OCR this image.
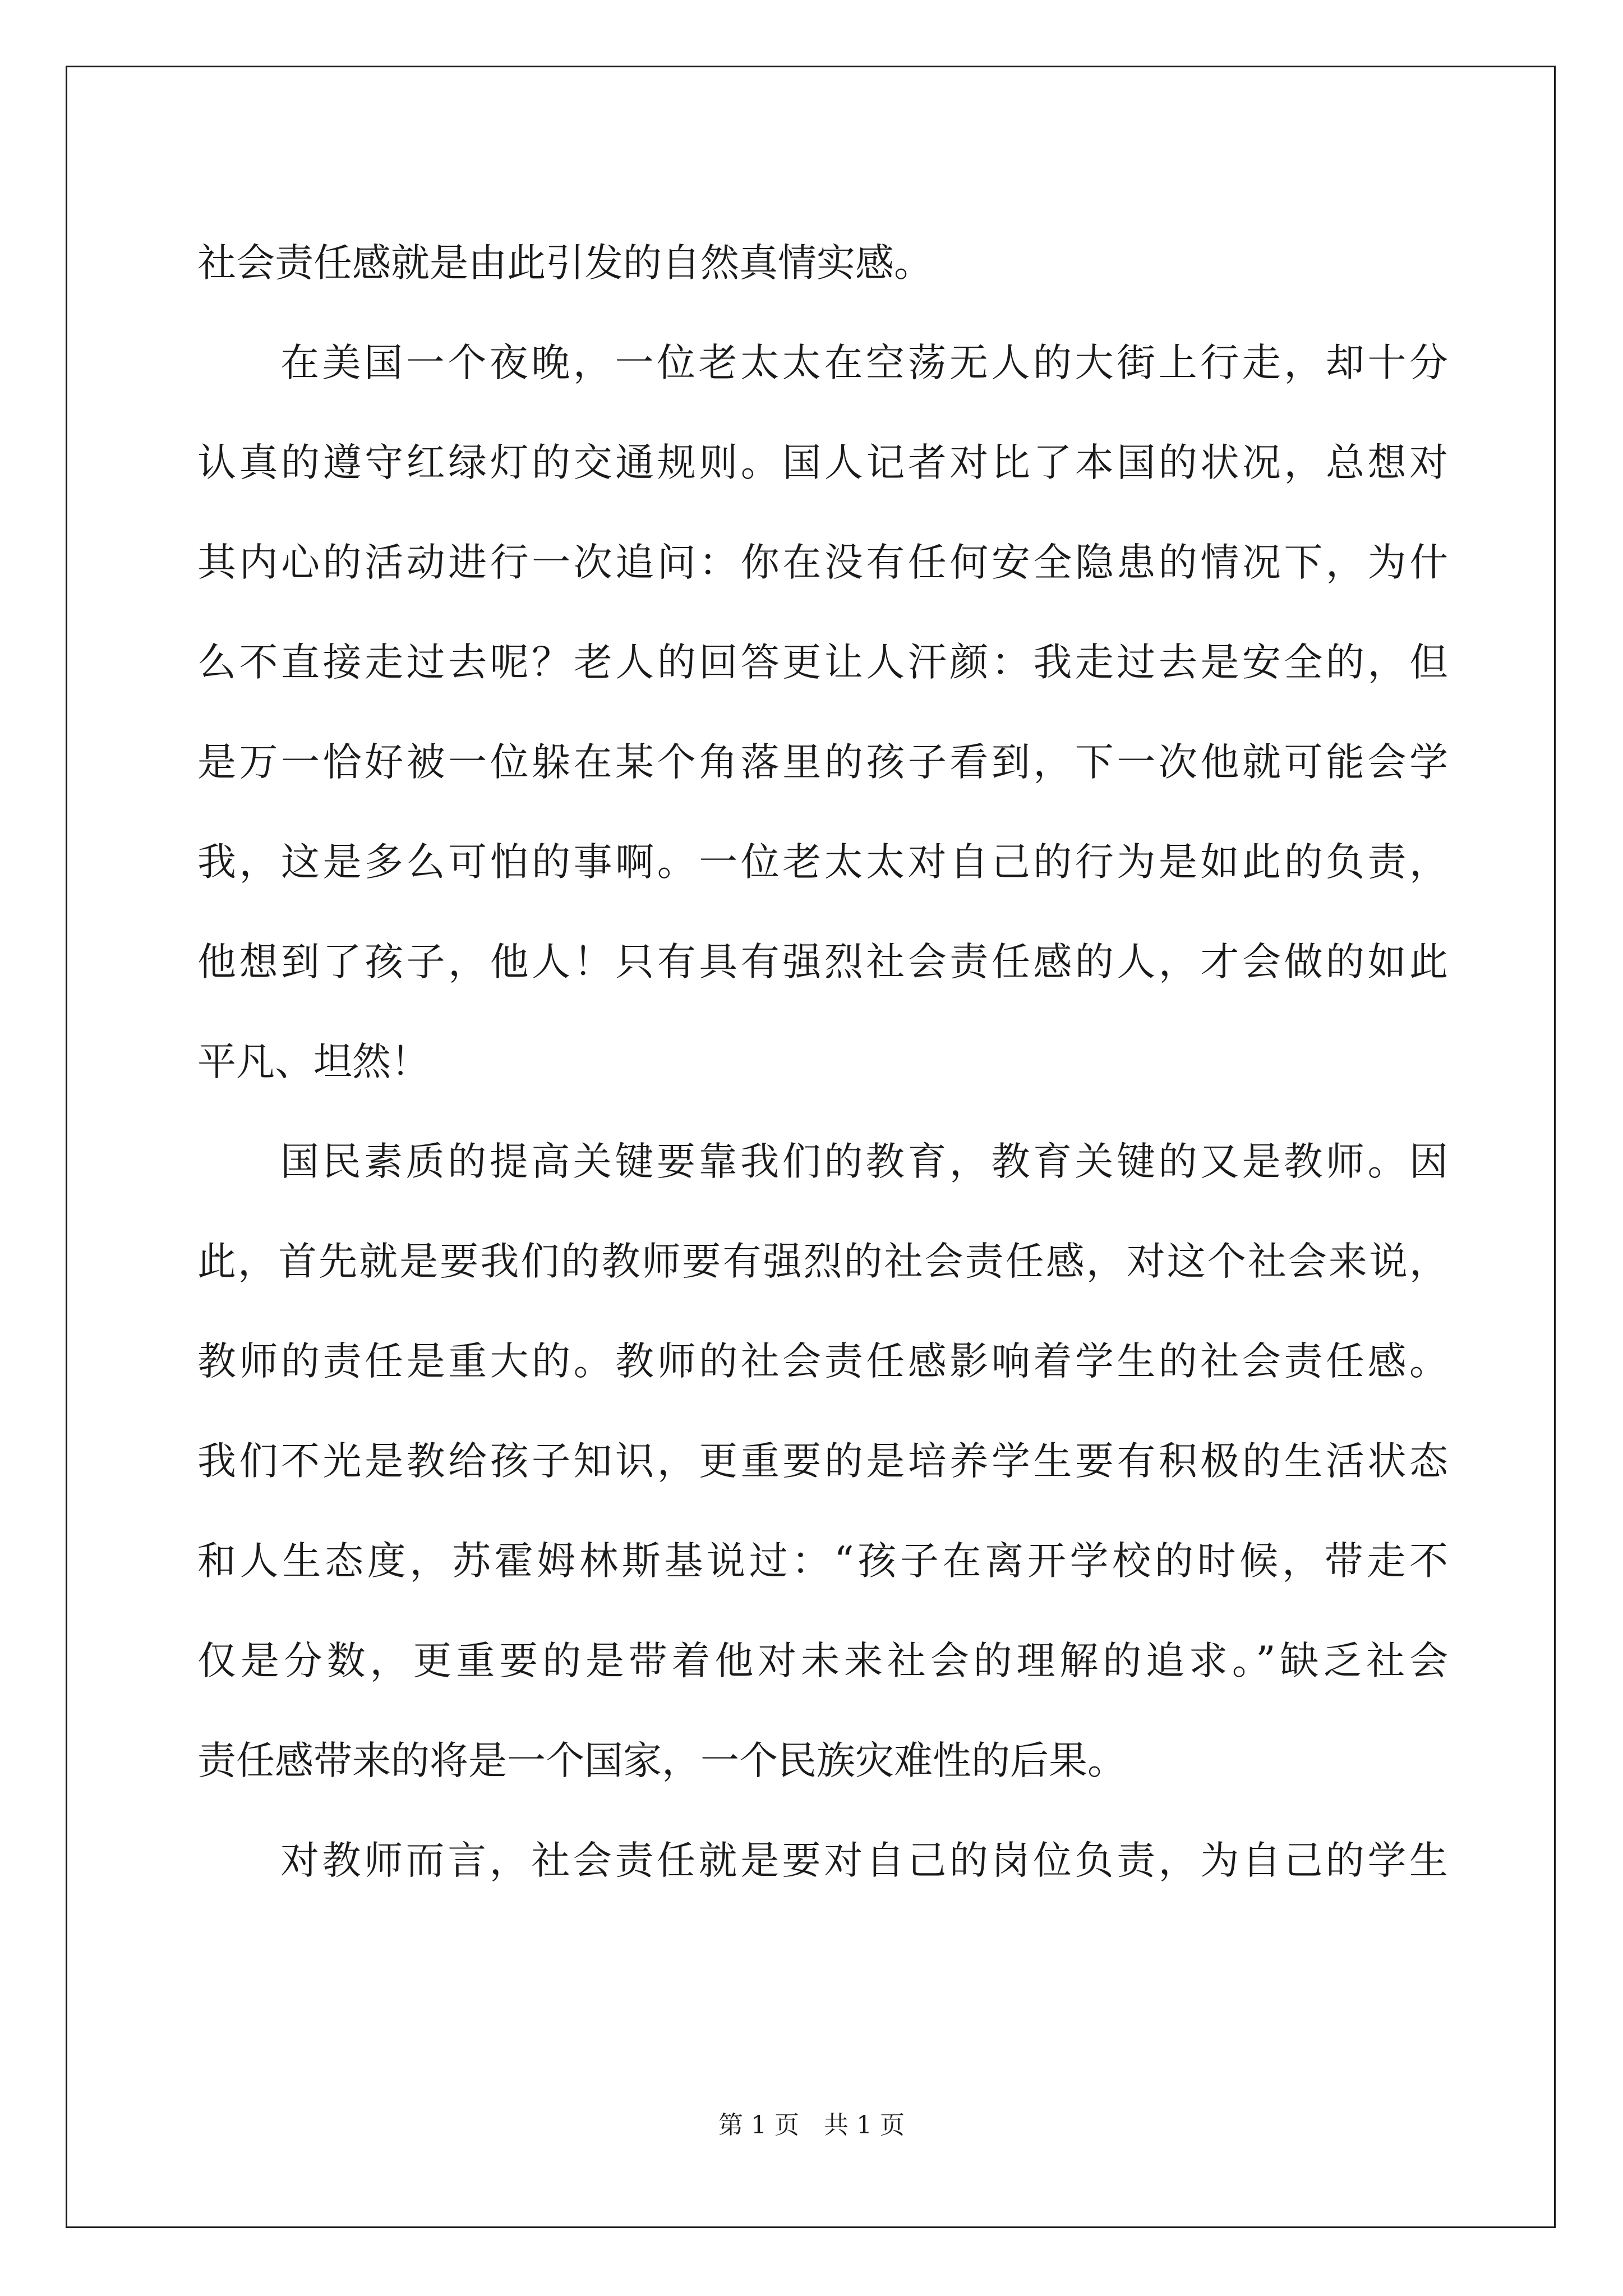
社会责任感就是由此引发的自然真情实感。
在美国一个夜晚，一位老太太在空荡无人的大街上行走，却十分
认真的遵守红绿灯的交通规则。国人记者对比了本国的状况，总想对
其内心的活动进行一次追问：你在没有任何安全隐患的情况下，为什
么不直接走过去呢？老人的回答更让人汗颜：我走过去是安全的，但
是万一恰好被一位躲在某个角落里的孩子看到，下一次他就可能会学
我，这是多么可怕的事啊。一位老太太对自己的行为是如此的负责，
他想到了孩子，他人！只有具有强烈社会责任感的人，才会做的如此
平凡、坦然！
国民素质的提高关键要靠我们的教育，教育关键的又是教师。因
此，首先就是要我们的教师要有强烈的社会责任感，对这个社会来说，
教师的责任是重大的。教师的社会责任感影响着学生的社会责任感。
我们不光是教给孩子知识，更重要的是培养学生要有积极的生活状态
和人生态度，苏霍姆林斯基说过：“孩子在离开学校的时候，带走不
仅是分数，更重要的是带着他对未来社会的理解的追求。”缺乏社会
责任感带来的将是一个国家，一个民族灾难性的后果。
对教师而言，社会责任就是要对自己的岗位负责，为自己的学生
第 1 页　共 1 页
